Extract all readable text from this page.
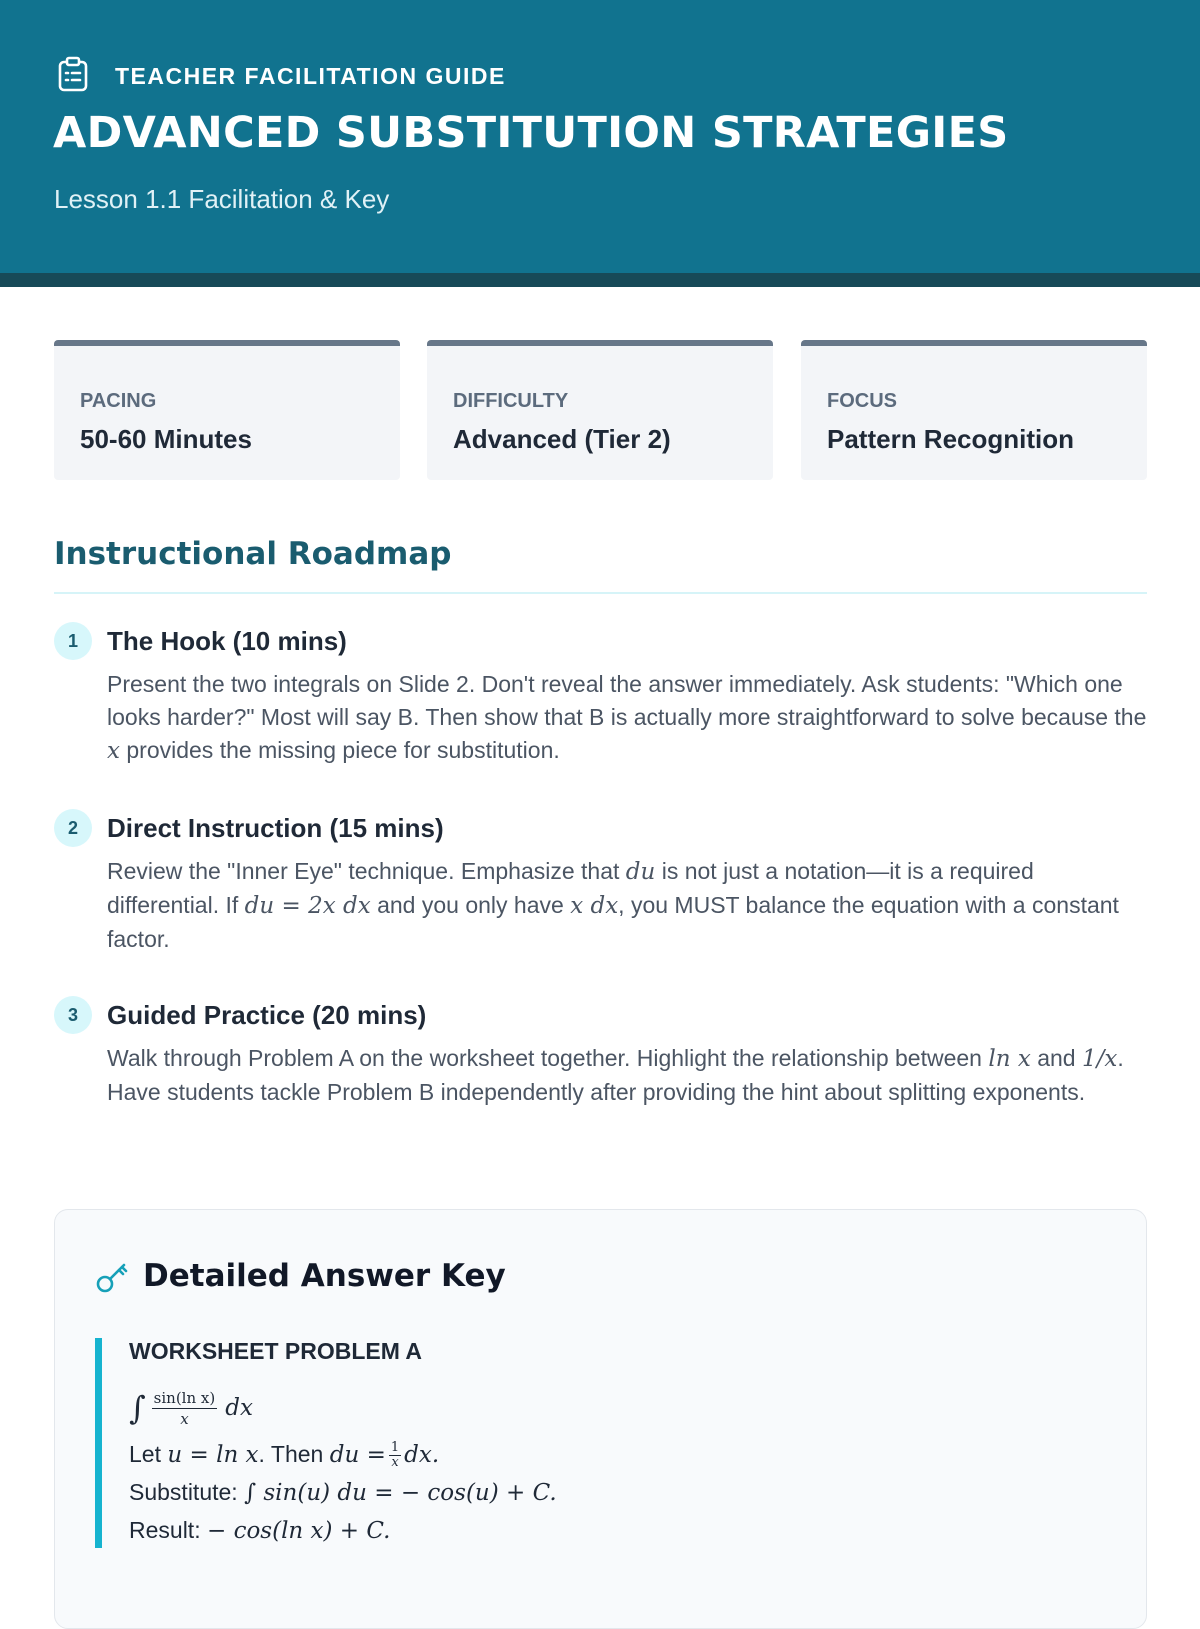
TEACHER FACILITATION GUIDE
ADVANCED SUBSTITUTION STRATEGIES
Lesson 1.1 Facilitation & Key
PACING
50-60 Minutes
DIFFICULTY
Advanced (Tier 2)
FOCUS
Pattern Recognition
Instructional Roadmap
1	The Hook (10 mins)
Present the two integrals on Slide 2. Don't reveal the answer immediately. Ask students: "Which one looks harder?" Most will say B. Then show that B is actually more straightforward to solve because the x provides the missing piece for substitution.
2	Direct Instruction (15 mins)
Review the "Inner Eye" technique. Emphasize that du is not just a notation—it is a required differential. If du = 2x dx and you only have x dx, you MUST balance the equation with a constant factor.
3	Guided Practice (20 mins)
Walk through Problem A on the worksheet together. Highlight the relationship between ln x and 1/x. Have students tackle Problem B independently after providing the hint about splitting exponents.
Detailed Answer Key
WORKSHEET PROBLEM A
∫ $\frac{\text{sin(ln x)}}{x}$ dx
Let u = ln x. Then du = $\frac{1}{x}$ dx.
Substitute: ∫ sin(u) du = − cos(u) + C.
Result: − cos(ln x) + C.
